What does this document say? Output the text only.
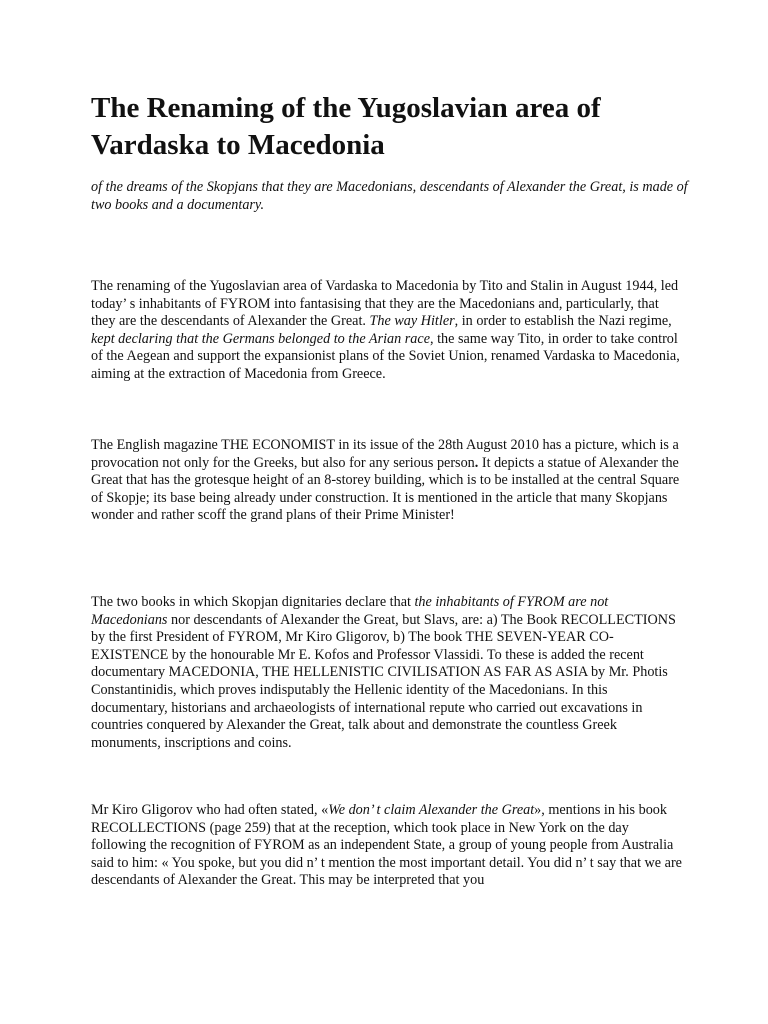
The Renaming of the Yugoslavian area of Vardaska to Macedonia

of the dreams of the Skopjans that they are Macedonians, descendants of Alexander the Great, is made of two books and a documentary.

The renaming of the Yugoslavian area of Vardaska to Macedonia by Tito and Stalin in August 1944, led today’ s inhabitants of FYROM into fantasising that they are the Macedonians and, particularly, that they are the descendants of Alexander the Great. The way Hitler, in order to establish the Nazi regime, kept declaring that the Germans belonged to the Arian race, the same way Tito, in order to take control of the Aegean and support the expansionist plans of the Soviet Union, renamed Vardaska to Macedonia, aiming at the extraction of Macedonia from Greece.

The English magazine THE ECONOMIST in its issue of the 28th August 2010 has a picture, which is a provocation not only for the Greeks, but also for any serious person. It depicts a statue of Alexander the Great that has the grotesque height of an 8-storey building, which is to be installed at the central Square of Skopje; its base being already under construction. It is mentioned in the article that many Skopjans wonder and rather scoff the grand plans of their Prime Minister!

The two books in which Skopjan dignitaries declare that the inhabitants of FYROM are not Macedonians nor descendants of Alexander the Great, but Slavs, are: a) The Book RECOLLECTIONS by the first President of FYROM, Mr Kiro Gligorov, b) The book THE SEVEN-YEAR CO-EXISTENCE by the honourable Mr E. Kofos and Professor Vlassidi. To these is added the recent documentary MACEDONIA, THE HELLENISTIC CIVILISATION AS FAR AS ASIA by Mr. Photis Constantinidis, which proves indisputably the Hellenic identity of the Macedonians. In this documentary, historians and archaeologists of international repute who carried out excavations in countries conquered by Alexander the Great, talk about and demonstrate the countless Greek monuments, inscriptions and coins.

Mr Kiro Gligorov who had often stated, «We don’ t claim Alexander the Great», mentions in his book RECOLLECTIONS (page 259) that at the reception, which took place in New York on the day following the recognition of FYROM as an independent State, a group of young people from Australia said to him: « You spoke, but you did n’ t mention the most important detail. You did n’ t say that we are descendants of Alexander the Great. This may be interpreted that you
